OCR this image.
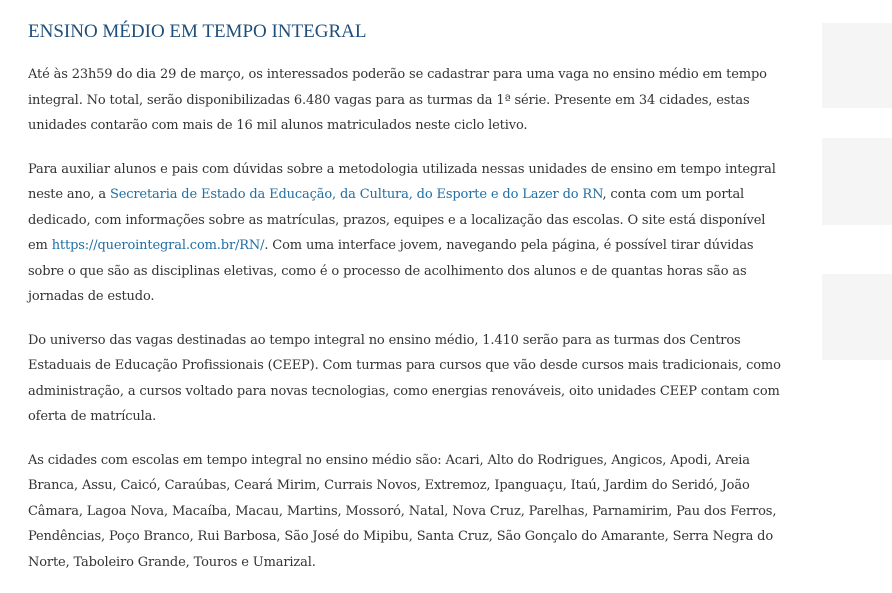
ENSINO MÉDIO EM TEMPO INTEGRAL

Até às 23h59 do dia 29 de março, os interessados poderão se cadastrar para uma vaga no ensino médio em tempo integral. No total, serão disponibilizadas 6.480 vagas para as turmas da 1ª série. Presente em 34 cidades, estas unidades contarão com mais de 16 mil alunos matriculados neste ciclo letivo.

Para auxiliar alunos e pais com dúvidas sobre a metodologia utilizada nessas unidades de ensino em tempo integral neste ano, a Secretaria de Estado da Educação, da Cultura, do Esporte e do Lazer do RN, conta com um portal dedicado, com informações sobre as matrículas, prazos, equipes e a localização das escolas. O site está disponível em https://querointegral.com.br/RN/. Com uma interface jovem, navegando pela página, é possível tirar dúvidas sobre o que são as disciplinas eletivas, como é o processo de acolhimento dos alunos e de quantas horas são as jornadas de estudo.

Do universo das vagas destinadas ao tempo integral no ensino médio, 1.410 serão para as turmas dos Centros Estaduais de Educação Profissionais (CEEP). Com turmas para cursos que vão desde cursos mais tradicionais, como administração, a cursos voltado para novas tecnologias, como energias renováveis, oito unidades CEEP contam com oferta de matrícula.

As cidades com escolas em tempo integral no ensino médio são: Acari, Alto do Rodrigues, Angicos, Apodi, Areia Branca, Assu, Caicó, Caraúbas, Ceará Mirim, Currais Novos, Extremoz, Ipanguaçu, Itaú, Jardim do Seridó, João Câmara, Lagoa Nova, Macaíba, Macau, Martins, Mossoró, Natal, Nova Cruz, Parelhas, Parnamirim, Pau dos Ferros, Pendências, Poço Branco, Rui Barbosa, São José do Mipibu, Santa Cruz, São Gonçalo do Amarante, Serra Negra do Norte, Taboleiro Grande, Touros e Umarizal.
